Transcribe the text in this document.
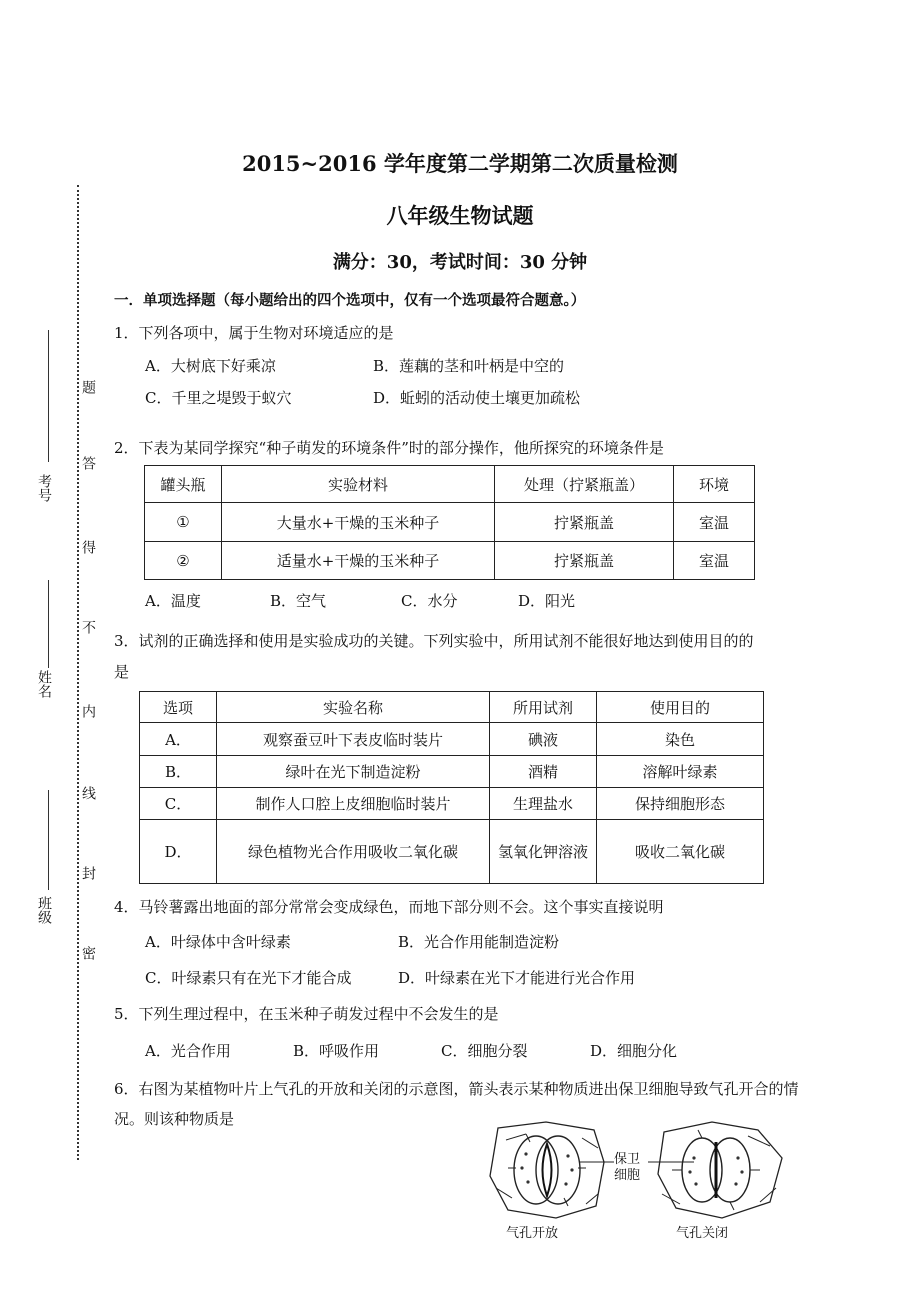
题
答
得
不
内
线
封
密
考号
姓名
班级
2015~2016 学年度第二学期第二次质量检测
八年级生物试题
满分：30，考试时间：30 分钟
一．单项选择题（每小题给出的四个选项中，仅有一个选项最符合题意。）
1．下列各项中，属于生物对环境适应的是
A．大树底下好乘凉	B．莲藕的茎和叶柄是中空的
C．千里之堤毁于蚁穴	D．蚯蚓的活动使土壤更加疏松
2．下表为某同学探究“种子萌发的环境条件”时的部分操作，他所探究的环境条件是
罐头瓶	实验材料	处理（拧紧瓶盖）	环境
①	大量水+干燥的玉米种子	拧紧瓶盖	室温
②	适量水+干燥的玉米种子	拧紧瓶盖	室温
A．温度	B．空气	C．水分	D．阳光
3．试剂的正确选择和使用是实验成功的关键。下列实验中，所用试剂不能很好地达到使用目的的
是
选项	实验名称	所用试剂	使用目的
A．	观察蚕豆叶下表皮临时装片	碘液	染色
B．	绿叶在光下制造淀粉	酒精	溶解叶绿素
C．	制作人口腔上皮细胞临时装片	生理盐水	保持细胞形态
D．	绿色植物光合作用吸收二氧化碳	氢氧化钾溶液	吸收二氧化碳
4．马铃薯露出地面的部分常常会变成绿色，而地下部分则不会。这个事实直接说明
A．叶绿体中含叶绿素	B．光合作用能制造淀粉
C．叶绿素只有在光下才能合成	D．叶绿素在光下才能进行光合作用
5．下列生理过程中，在玉米种子萌发过程中不会发生的是
A．光合作用	B．呼吸作用	C．细胞分裂	D．细胞分化
6．右图为某植物叶片上气孔的开放和关闭的示意图，箭头表示某种物质进出保卫细胞导致气孔开合的情况。则该种物质是
保卫细胞
气孔开放	气孔关闭
